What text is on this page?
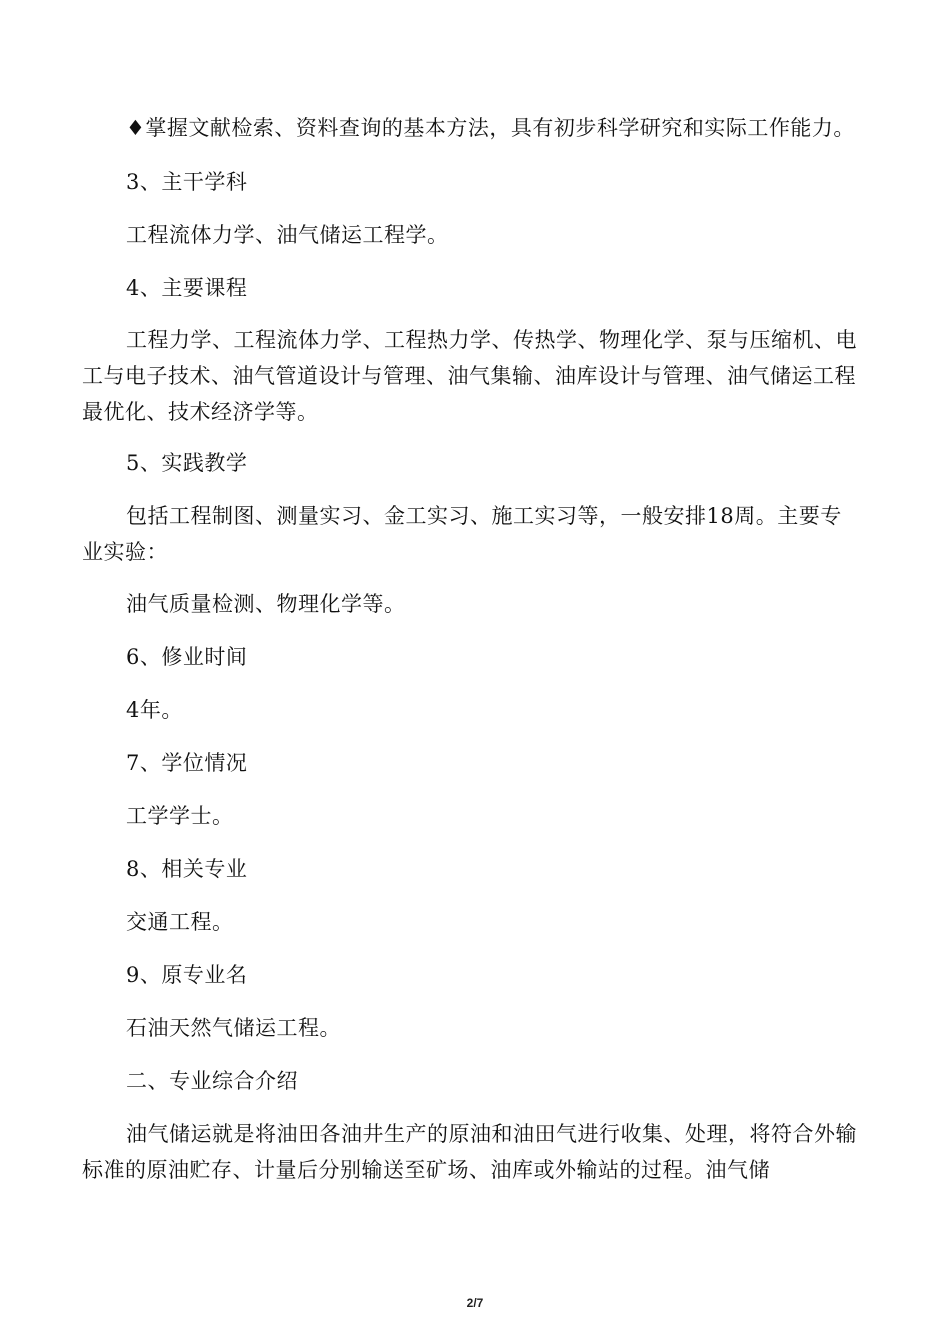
♦掌握文献检索、资料查询的基本方法，具有初步科学研究和实际工作能力。

3、主干学科

工程流体力学、油气储运工程学。

4、主要课程

工程力学、工程流体力学、工程热力学、传热学、物理化学、泵与压缩机、电工与电子技术、油气管道设计与管理、油气集输、油库设计与管理、油气储运工程最优化、技术经济学等。

5、实践教学

包括工程制图、测量实习、金工实习、施工实习等，一般安排18周。主要专业实验：

油气质量检测、物理化学等。

6、修业时间

4年。

7、学位情况

工学学士。

8、相关专业

交通工程。

9、原专业名

石油天然气储运工程。

二、专业综合介绍

油气储运就是将油田各油井生产的原油和油田气进行收集、处理，将符合外输标准的原油贮存、计量后分别输送至矿场、油库或外输站的过程。油气储

2/7
